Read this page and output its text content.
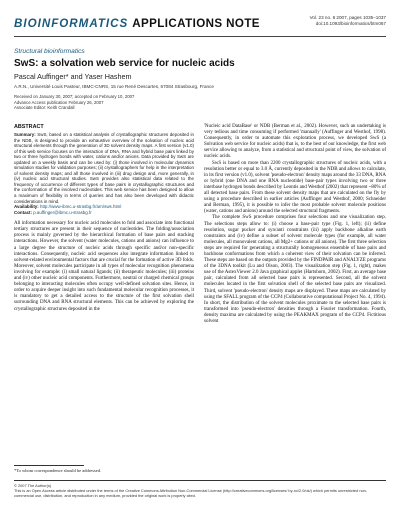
BIOINFORMATICS APPLICATIONS NOTE	Vol. 23 no. 8 2007, pages 1035–1037
doi:10.1093/bioinformatics/btm067
Structural bioinformatics
SwS: a solvation web service for nucleic acids
Pascal Auffinger* and Yaser Hashem
A.R.N., Université Louis Pasteur, IBMC-CNRS, 15 rue René Descartes, 67084 Strasbourg, France
Received on January 30, 2007; accepted on February 10, 2007
Advance Access publication February 26, 2007
Associate Editor: Keith Crandall
ABSTRACT

Summary: SwS, based on a statistical analysis of crystallographic structures deposited in the NDB, is designed to provide an exhaustive overview of the solvation of nucleic acid structural elements through the generation of 3D solvent density maps. A first version (v1.0) of this web service focuses on the interaction of DNA, RNA and hybrid base pairs linked by two or three hydrogen bonds with water, cations and/or anions. Data provided by SwS are updated on a weekly basis and can be used by: (i) those involved in molecular dynamics simulation studies for validation purposes; (ii) crystallographers for help in the interpretation of solvent density maps; and all those involved in (iii) drug design and, more generally, in (iv) nucleic acid structural studies. SwS provides also statistical data related to the frequency of occurrence of different types of base pairs in crystallographic structures and the conformation of the involved nucleotides. This web service has been designed to allow a maximum of flexibility in terms of queries and has also been developed with didactic considerations in mind.

Availability: http://www-ibmc.u-strasbg.fr/arn/sws.html

Contact: p.auffinger@ibmc.u-strasbg.fr

All information necessary for nucleic acid molecules to fold and associate into functional tertiary structures are present in their sequence of nucleotides. The folding/association process is mainly governed by the hierarchical formation of base pairs and stacking interactions. However, the solvent (water molecules, cations and anions) can influence to a large degree the structure of nucleic acids through specific and/or non-specific interactions. Consequently, nucleic acid sequences also integrate information linked to solvent-related environmental factors that are crucial for the formation of active 3D folds. Moreover, solvent molecules participate in all types of molecular recognition phenomena involving for example: (i) small natural ligands; (ii) therapeutic molecules; (iii) proteins and (iv) other nucleic acid components. Furthermore, neutral or charged chemical groups belonging to interacting molecules often occupy well-defined solvation sites. Hence, in order to acquire deeper insight into such fundamental molecular recognition processes, it is mandatory to get a detailed access to the structure of the first solvation shell surrounding DNA and RNA structural elements. This can be achieved by exploring the crystallographic structures deposited in the

'Nucleic acid DataBase' or NDB (Berman et al., 2002). However, such an undertaking is very tedious and time consuming if performed 'manually' (Auffinger and Westhof, 1998). Consequently, in order to automate this exploration process, we developed SwS (a Solvation web service for nucleic acids) that is, to the best of our knowledge, the first web service allowing to analyze, from a statistical and structural point of view, the solvation of nucleic acids.

SwS is based on more than 2200 crystallographic structures of nucleic acids, with a resolution better or equal to 3.0 Å, currently deposited in the NDB and allows to calculate, in its first version (v1.0), solvent 'pseudo-electron' density maps around the 33 DNA, RNA or hybrid (one DNA and one RNA nucleotide) base-pair types involving two or three interbase hydrogen bonds described by Leontis and Westhof (2002) that represent ~80% of all detected base pairs. From these solvent density maps that are calculated on the fly by using a procedure described in earlier articles (Auffinger and Westhof, 2000; Schneider and Berman, 1995), it is possible to infer the most probable solvent molecule positions (water, cations and anions) around the selected structural fragments.

The complete SwS procedure comprises four selections and one visualization step. The selections steps allow to: (i) choose a base-pair type (Fig. 1, left); (ii) define resolution, sugar pucker and syn/anti constraints (iii) apply backbone alkaline earth constraints and (iv) define a subset of solvent molecule types (for example, all water molecules, all monovalent cations, all Mg2+ cations or all anions). The first three selection steps are required for generating a structurally homogeneous ensemble of base pairs and backbone conformations from which a coherent view of their solvation can be inferred. These steps are based on the outputs provided by the FINDPAIR and ANALYZE programs of the 3DNA toolkit (Lu and Olson, 2003). The visualization step (Fig. 1, right), makes use of the AstexViewer 2.0 Java graphical applet (Hartshorn, 2002). First, an average base pair, calculated from all selected base pairs is represented. Second, all the solvent molecules located in the first solvation shell of the selected base pairs are visualized. Third, solvent 'pseudo-electron' density maps are displayed. These maps are calculated by using the SFALL program of the CCP4 (Collaborative computational Project No. 4, 1994). In short, the distribution of the solvent molecules proximate to the selected base pairs is transformed into 'pseudo-electron' densities through a Fourier transformation. Fourth, density maxima are calculated by using the PEAKMAX program of the CCP4. Fictitious solvent

*To whom correspondence should be addressed.
© 2007 The Author(s)
This is an Open Access article distributed under the terms of the Creative Commons Attribution Non-Commercial License (http://creativecommons.org/licenses/ by-nc/2.0/uk/) which permits unrestricted non-commercial use, distribution, and reproduction in any medium, provided the original work is properly cited.
